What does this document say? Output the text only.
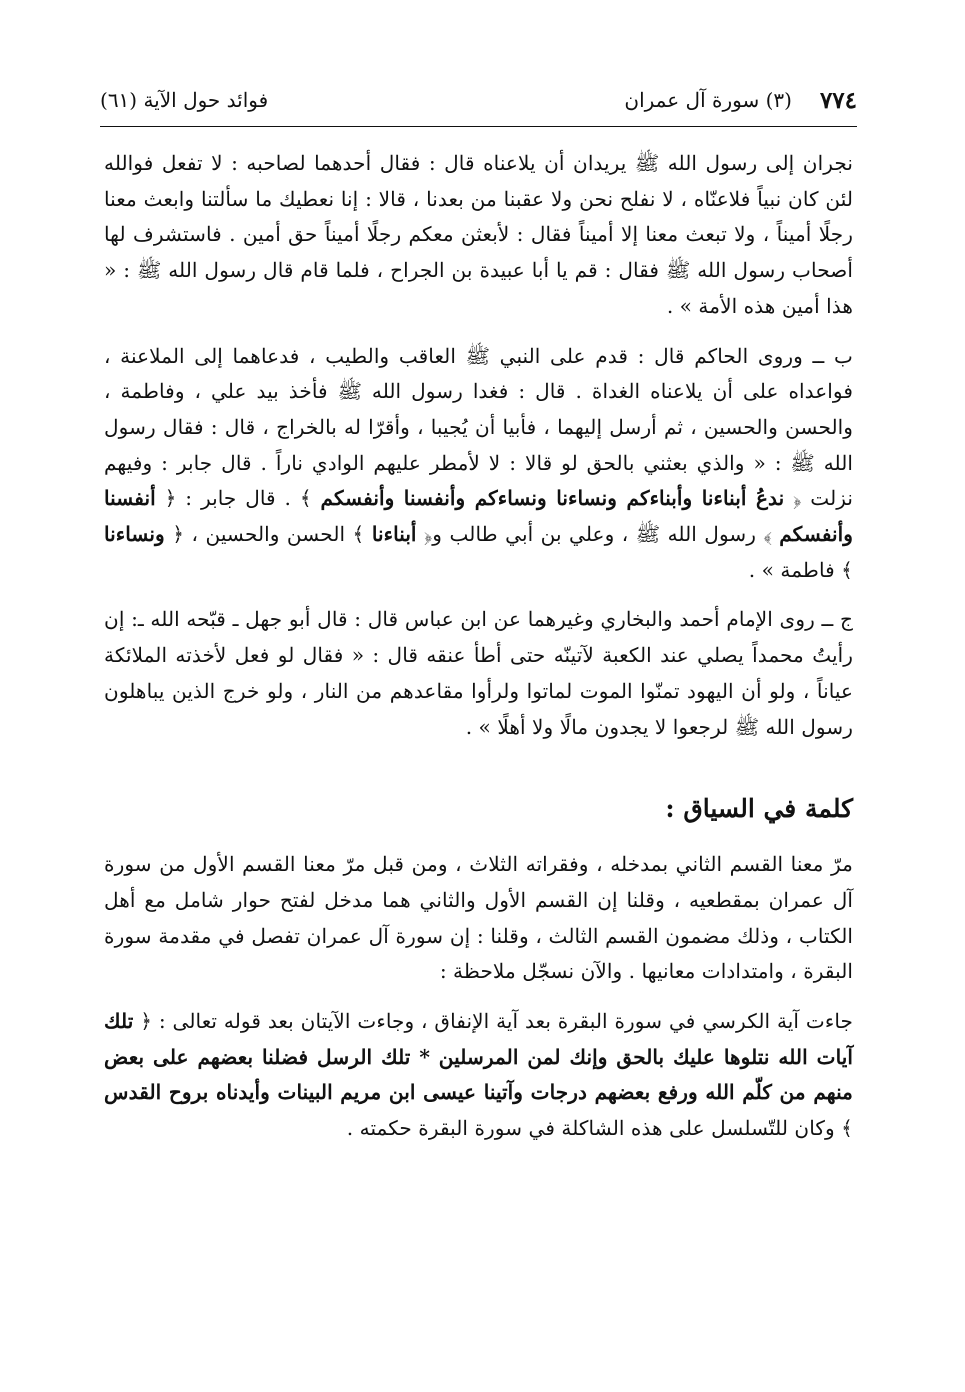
٧٧٤
(٣) سورة آل عمران
فوائد حول الآية (٦١)

نجران إلى رسول الله ﷺ يريدان أن يلاعناه قال : فقال أحدهما لصاحبه : لا تفعل فوالله لئن كان نبياً فلاعنّاه ، لا نفلح نحن ولا عقبنا من بعدنا ، قالا : إنا نعطيك ما سألتنا وابعث معنا رجلًا أميناً ، ولا تبعث معنا إلا أميناً فقال : لأبعثن معكم رجلًا أميناً حق أمين . فاستشرف لها أصحاب رسول الله ﷺ فقال : قم يا أبا عبيدة بن الجراح ، فلما قام قال رسول الله ﷺ : « هذا أمين هذه الأمة » .

ب ــ وروى الحاكم قال : قدم على النبي ﷺ العاقب والطيب ، فدعاهما إلى الملاعنة ، فواعداه على أن يلاعناه الغداة . قال : فغدا رسول الله ﷺ فأخذ بيد علي ، وفاطمة ، والحسن والحسين ، ثم أرسل إليهما ، فأبيا أن يُجيبا ، وأقرّا له بالخراج ، قال : فقال رسول الله ﷺ : « والذي بعثني بالحق لو قالا : لا لأمطر عليهم الوادي ناراً . قال جابر : وفيهم نزلت ﴿ ندعُ أبناءنا وأبناءكم ونساءنا ونساءكم وأنفسنا وأنفسكم ﴾ . قال جابر : ﴿ أنفسنا وأنفسكم ﴾ رسول الله ﷺ ، وعلي بن أبي طالب و﴿ أبناءنا ﴾ الحسن والحسين ، ﴿ ونساءنا ﴾ فاطمة » .

ج ــ روى الإمام أحمد والبخاري وغيرهما عن ابن عباس قال : قال أبو جهل ـ قبّحه الله ـ: إن رأيتُ محمداً يصلي عند الكعبة لآتينّه حتى أطأ عنقه قال : « فقال لو فعل لأخذته الملائكة عياناً ، ولو أن اليهود تمنّوا الموت لماتوا ولرأوا مقاعدهم من النار ، ولو خرج الذين يباهلون رسول الله ﷺ لرجعوا لا يجدون مالًا ولا أهلًا » .

كلمة في السياق :

مرّ معنا القسم الثاني بمدخله ، وفقراته الثلاث ، ومن قبل مرّ معنا القسم الأول من سورة آل عمران بمقطعيه ، وقلنا إن القسم الأول والثاني هما مدخل لفتح حوار شامل مع أهل الكتاب ، وذلك مضمون القسم الثالث ، وقلنا : إن سورة آل عمران تفصل في مقدمة سورة البقرة ، وامتدادات معانيها . والآن نسجّل ملاحظة :

جاءت آية الكرسي في سورة البقرة بعد آية الإنفاق ، وجاءت الآيتان بعد قوله تعالى : ﴿ تلك آيات الله نتلوها عليك بالحق وإنك لمن المرسلين * تلك الرسل فضلنا بعضهم على بعض منهم من كلّم الله ورفع بعضهم درجات وآتينا عيسى ابن مريم البينات وأيدناه بروح القدس ﴾ وكان للتّسلسل على هذه الشاكلة في سورة البقرة حكمته .
